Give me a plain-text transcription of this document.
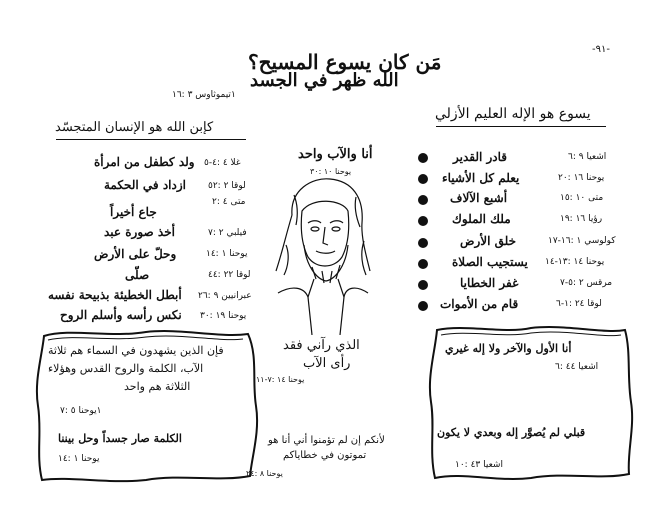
-٩١-
مَن كان يسوع المسيح؟
الله ظهر في الجسد
١تيموثاوس ٣ :١٦
يسوع هو الإله العليم الأزلي
كإبن الله هو الإنسان المتجسّد
اشعيا ٩ :٦
قادر القدير
يوحنا ١٦ :٢٠
يعلم كل الأشياء
متى ١٠ :١٥
أشبع الآلاف
رؤيا ١٦ :١٩
ملك الملوك
كولوسي ١ :١٦-١٧
خلق الأرض
يوحنا ١٤ :١٣-١٤
يستجيب الصلاة
مرقس ٢ :٥-٧
غفر الخطايا
لوقا ٢٤ :١-٦
قام من الأموات
غلا ٤ :٤-٥
ولد كطفل من امرأة
لوقا ٢ :٥٢
ازداد في الحكمة
متى ٤ :٢
جاع أخيراً
فيلبي ٢ :٧
أخذ صورة عبد
يوحنا ١ :١٤
وحلّ على الأرض
لوقا ٢٢ :٤٤
صلّى
عبرانيين ٩ :٢٦
أبطل الخطيئة بذبيحة نفسه
يوحنا ١٩ :٣٠
نكس رأسه وأسلم الروح
أنا والآب واحد
يوحنا ١٠ :٣٠
الذي رآني فقد
رأى الآب
يوحنا ١٤ :٧-١١
لأنكم إن لم تؤمنوا أني أنا هو
تموتون في خطاياكم
يوحنا ٨ :٢٤
فإن الذين يشهدون في السماء هم ثلاثة
الآب، الكلمة والروح القدس وهؤلاء
الثلاثة هم واحد
١يوحنا ٥ :٧
الكلمة صار جسداً وحل بيننا
يوحنا ١ :١٤
أنا الأول والآخر ولا إله غيري
اشعيا ٤٤ :٦
قبلي لم يُصوَّر إله وبعدي لا يكون
اشعيا ٤٣ :١٠
